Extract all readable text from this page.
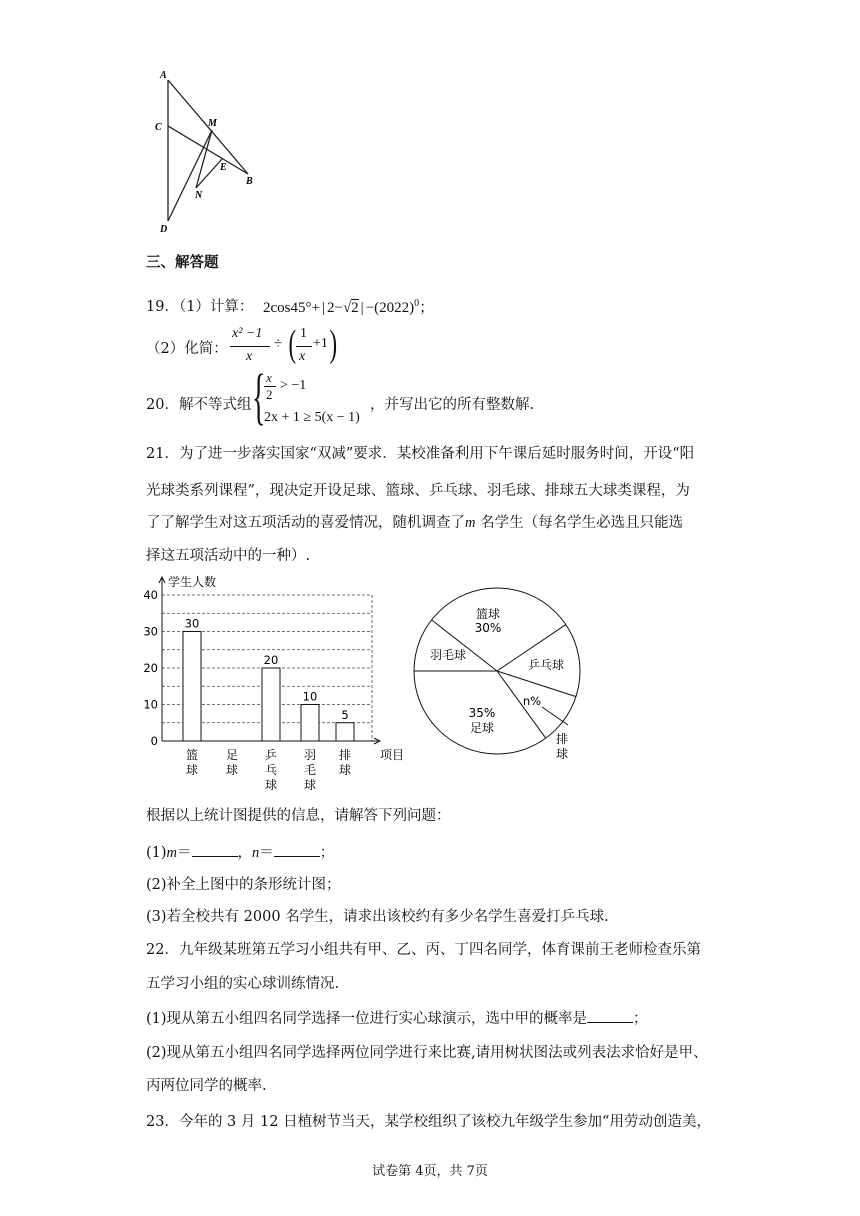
A
C	M
E
B
N
D
三、解答题
19．（1）计算： 2cos45°+ | 2−√2 | $-(2022)^0$；
（2）化简：
x² −1
x
÷ ( 1
x
+1 )
20．解不等式组 { x
2
> −1
2x + 1 ≥ 5(x − 1)
，并写出它的所有整数解.
21．为了进一步落实国家“双减”要求．某校准备利用下午课后延时服务时间，开设“阳
光球类系列课程”，现决定开设足球、篮球、乒乓球、羽毛球、排球五大球类课程，为
了了解学生对这五项活动的喜爱情况，随机调查了m 名学生（每名学生必选且只能选
择这五项活动中的一种）.
学生人数
项目
0
10
20
30
40
30
篮
球
足
球
20
乒
乓
球
10
羽
毛
球
5
排
球
篮球
30%
乒乓球
n%
排
球
35%
足球
羽毛球
根据以上统计图提供的信息，请解答下列问题：
(1)m＝	，n＝	；
(2)补全上图中的条形统计图；
(3)若全校共有 2000 名学生，请求出该校约有多少名学生喜爱打乒乓球.
22．九年级某班第五学习小组共有甲、乙、丙、丁四名同学，体育课前王老师检查乐第
五学习小组的实心球训练情况.
(1)现从第五小组四名同学选择一位进行实心球演示，选中甲的概率是	；
(2)现从第五小组四名同学选择两位同学进行来比赛,请用树状图法或列表法求恰好是甲、
丙两位同学的概率.
23．今年的 3 月 12 日植树节当天，某学校组织了该校九年级学生参加“用劳动创造美，
试卷第 4页，共 7页
